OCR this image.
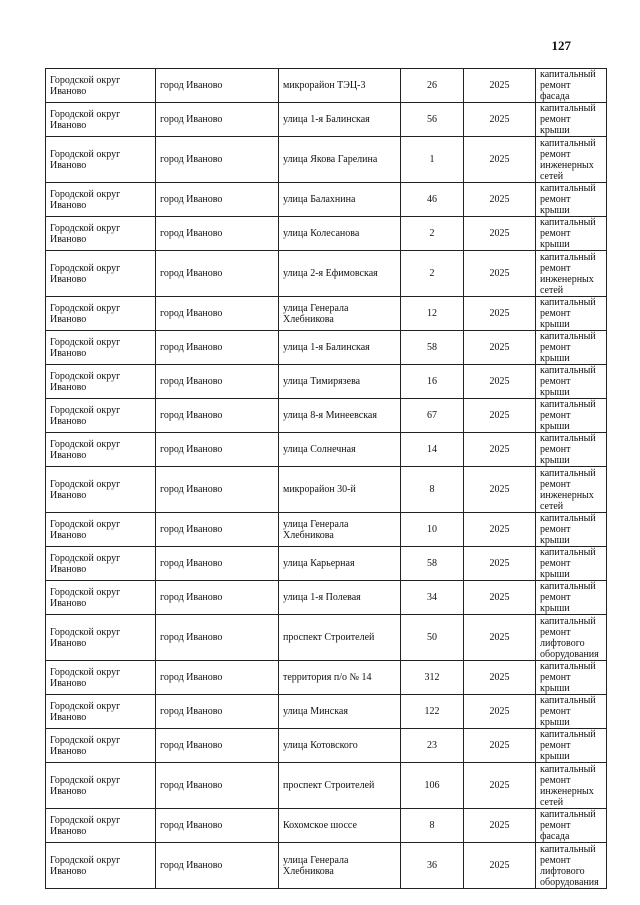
127
Городской округ Иваново	город Иваново	микрорайон ТЭЦ-3	26	2025	капитальный ремонт фасада
Городской округ Иваново	город Иваново	улица 1-я Балинская	56	2025	капитальный ремонт крыши
Городской округ Иваново	город Иваново	улица Якова Гарелина	1	2025	капитальный ремонт инженерных сетей
Городской округ Иваново	город Иваново	улица Балахнина	46	2025	капитальный ремонт крыши
Городской округ Иваново	город Иваново	улица Колесанова	2	2025	капитальный ремонт крыши
Городской округ Иваново	город Иваново	улица 2-я Ефимовская	2	2025	капитальный ремонт инженерных сетей
Городской округ Иваново	город Иваново	улица Генерала Хлебникова	12	2025	капитальный ремонт крыши
Городской округ Иваново	город Иваново	улица 1-я Балинская	58	2025	капитальный ремонт крыши
Городской округ Иваново	город Иваново	улица Тимирязева	16	2025	капитальный ремонт крыши
Городской округ Иваново	город Иваново	улица 8-я Минеевская	67	2025	капитальный ремонт крыши
Городской округ Иваново	город Иваново	улица Солнечная	14	2025	капитальный ремонт крыши
Городской округ Иваново	город Иваново	микрорайон 30-й	8	2025	капитальный ремонт инженерных сетей
Городской округ Иваново	город Иваново	улица Генерала Хлебникова	10	2025	капитальный ремонт крыши
Городской округ Иваново	город Иваново	улица Карьерная	58	2025	капитальный ремонт крыши
Городской округ Иваново	город Иваново	улица 1-я Полевая	34	2025	капитальный ремонт крыши
Городской округ Иваново	город Иваново	проспект Строителей	50	2025	капитальный ремонт лифтового оборудования
Городской округ Иваново	город Иваново	территория п/о № 14	312	2025	капитальный ремонт крыши
Городской округ Иваново	город Иваново	улица Минская	122	2025	капитальный ремонт крыши
Городской округ Иваново	город Иваново	улица Котовского	23	2025	капитальный ремонт крыши
Городской округ Иваново	город Иваново	проспект Строителей	106	2025	капитальный ремонт инженерных сетей
Городской округ Иваново	город Иваново	Кохомское шоссе	8	2025	капитальный ремонт фасада
Городской округ Иваново	город Иваново	улица Генерала Хлебникова	36	2025	капитальный ремонт лифтового оборудования
